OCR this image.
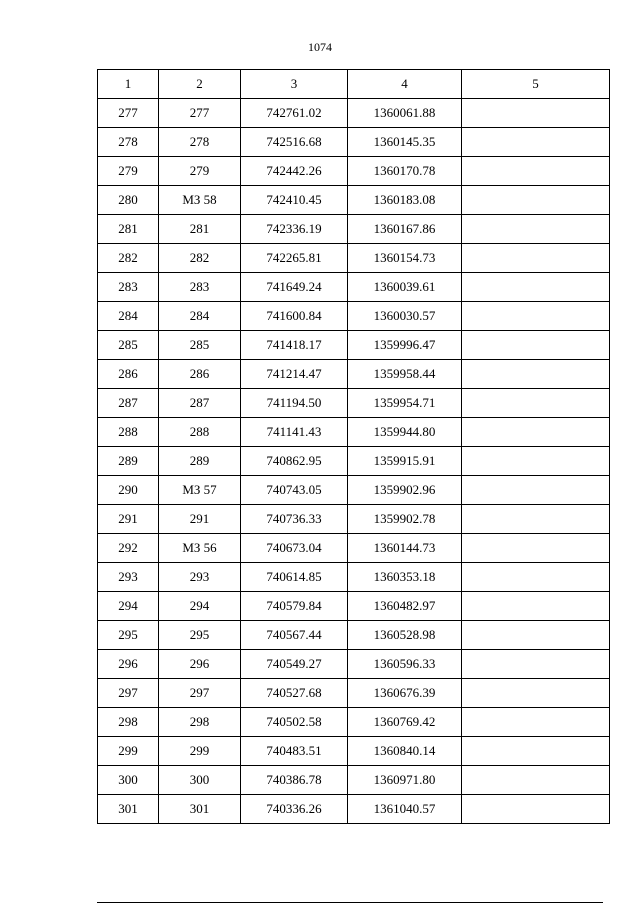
1074
1	2	3	4	5
277	277	742761.02	1360061.88	
278	278	742516.68	1360145.35	
279	279	742442.26	1360170.78	
280	МЗ 58	742410.45	1360183.08	
281	281	742336.19	1360167.86	
282	282	742265.81	1360154.73	
283	283	741649.24	1360039.61	
284	284	741600.84	1360030.57	
285	285	741418.17	1359996.47	
286	286	741214.47	1359958.44	
287	287	741194.50	1359954.71	
288	288	741141.43	1359944.80	
289	289	740862.95	1359915.91	
290	МЗ 57	740743.05	1359902.96	
291	291	740736.33	1359902.78	
292	МЗ 56	740673.04	1360144.73	
293	293	740614.85	1360353.18	
294	294	740579.84	1360482.97	
295	295	740567.44	1360528.98	
296	296	740549.27	1360596.33	
297	297	740527.68	1360676.39	
298	298	740502.58	1360769.42	
299	299	740483.51	1360840.14	
300	300	740386.78	1360971.80	
301	301	740336.26	1361040.57	
